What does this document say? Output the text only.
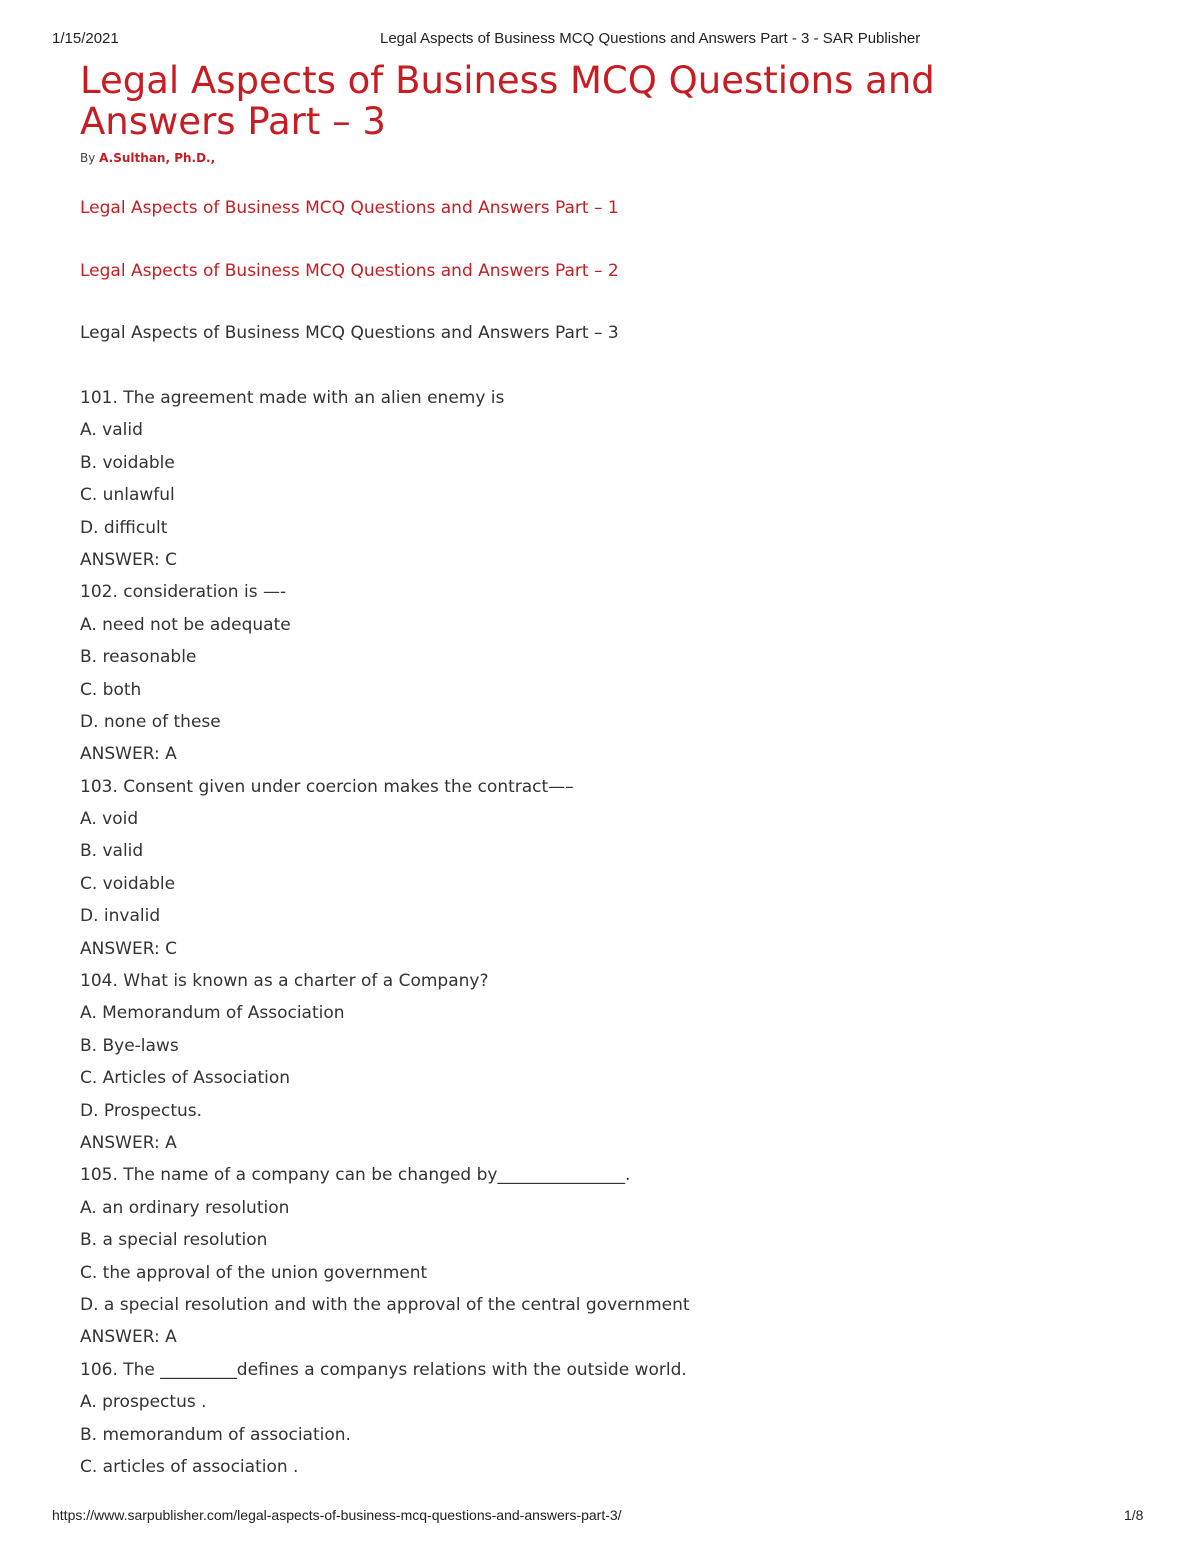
1/15/2021	Legal Aspects of Business MCQ Questions and Answers Part - 3 - SAR Publisher
Legal Aspects of Business MCQ Questions and Answers Part – 3
By A.Sulthan, Ph.D.,
Legal Aspects of Business MCQ Questions and Answers Part – 1
Legal Aspects of Business MCQ Questions and Answers Part – 2
Legal Aspects of Business MCQ Questions and Answers Part – 3
101. The agreement made with an alien enemy is
A. valid
B. voidable
C. unlawful
D. difficult
ANSWER: C
102. consideration is —-
A. need not be adequate
B. reasonable
C. both
D. none of these
ANSWER: A
103. Consent given under coercion makes the contract—–
A. void
B. valid
C. voidable
D. invalid
ANSWER: C
104. What is known as a charter of a Company?
A. Memorandum of Association
B. Bye-laws
C. Articles of Association
D. Prospectus.
ANSWER: A
105. The name of a company can be changed by_______________.
A. an ordinary resolution
B. a special resolution
C. the approval of the union government
D. a special resolution and with the approval of the central government
ANSWER: A
106. The _________defines a companys relations with the outside world.
A. prospectus .
B. memorandum of association.
C. articles of association .
https://www.sarpublisher.com/legal-aspects-of-business-mcq-questions-and-answers-part-3/	1/8
